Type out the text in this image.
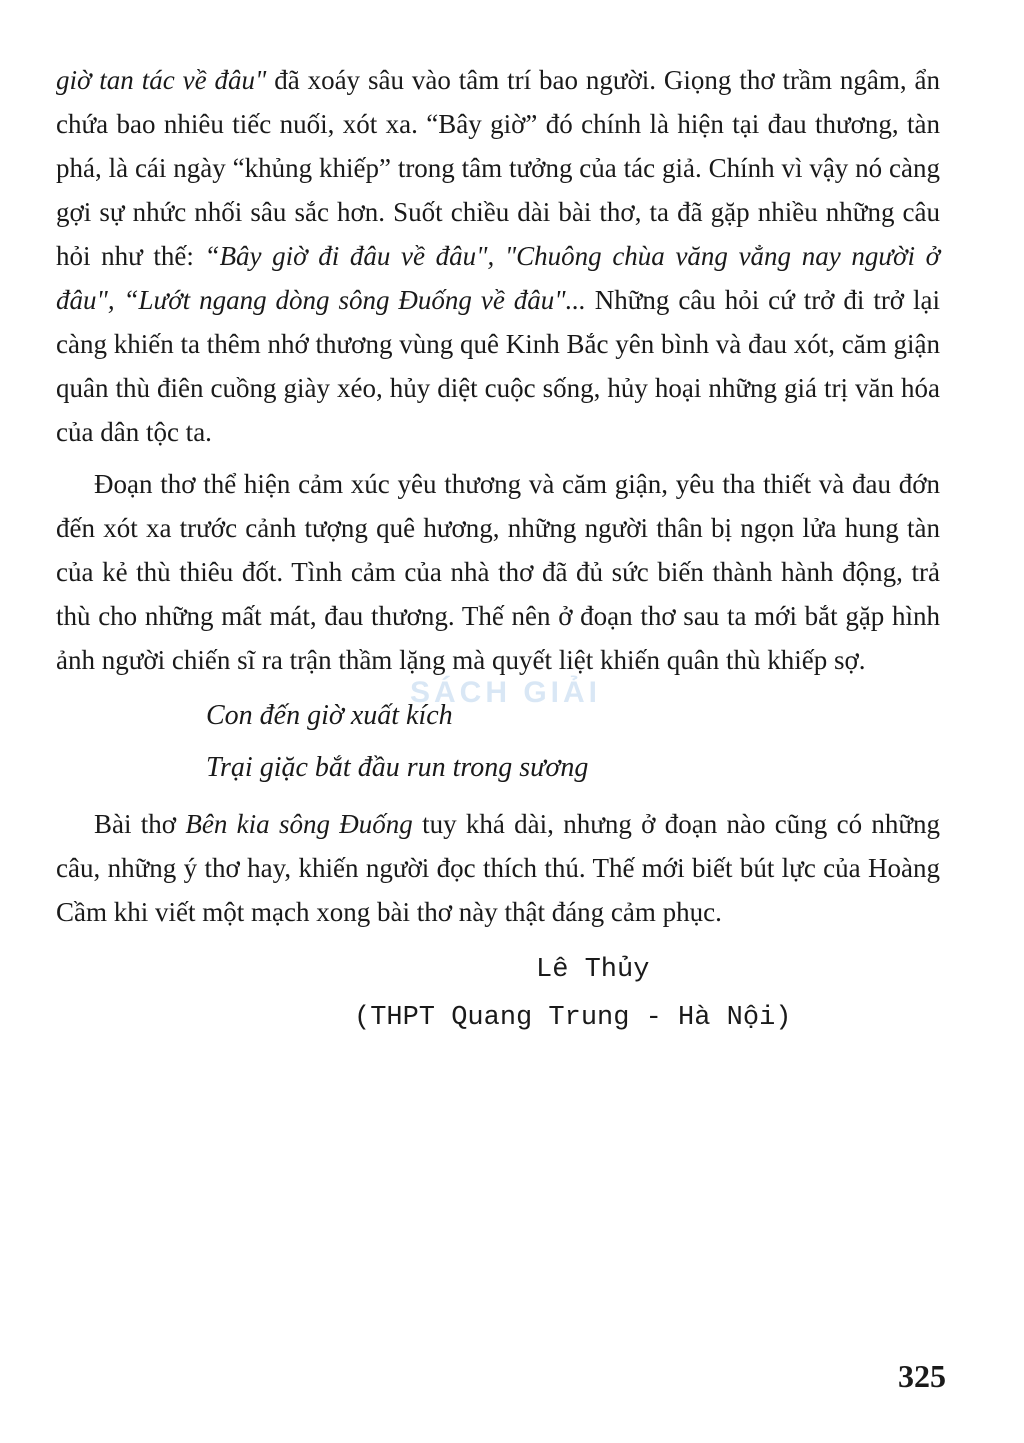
giờ tan tác về đâu" đã xoáy sâu vào tâm trí bao người. Giọng thơ trầm ngâm, ẩn chứa bao nhiêu tiếc nuối, xót xa. “Bây giờ” đó chính là hiện tại đau thương, tàn phá, là cái ngày “khủng khiếp” trong tâm tưởng của tác giả. Chính vì vậy nó càng gợi sự nhức nhối sâu sắc hơn. Suốt chiều dài bài thơ, ta đã gặp nhiều những câu hỏi như thế: “Bây giờ đi đâu về đâu", "Chuông chùa văng vẳng nay người ở đâu", “Lướt ngang dòng sông Đuống về đâu"... Những câu hỏi cứ trở đi trở lại càng khiến ta thêm nhớ thương vùng quê Kinh Bắc yên bình và đau xót, căm giận quân thù điên cuồng giày xéo, hủy diệt cuộc sống, hủy hoại những giá trị văn hóa của dân tộc ta.

Đoạn thơ thể hiện cảm xúc yêu thương và căm giận, yêu tha thiết và đau đớn đến xót xa trước cảnh tượng quê hương, những người thân bị ngọn lửa hung tàn của kẻ thù thiêu đốt. Tình cảm của nhà thơ đã đủ sức biến thành hành động, trả thù cho những mất mát, đau thương. Thế nên ở đoạn thơ sau ta mới bắt gặp hình ảnh người chiến sĩ ra trận thầm lặng mà quyết liệt khiến quân thù khiếp sợ.

Con đến giờ xuất kích
Trại giặc bắt đầu run trong sương

Bài thơ Bên kia sông Đuống tuy khá dài, nhưng ở đoạn nào cũng có những câu, những ý thơ hay, khiến người đọc thích thú. Thế mới biết bút lực của Hoàng Cầm khi viết một mạch xong bài thơ này thật đáng cảm phục.

Lê Thủy
(THPT Quang Trung - Hà Nội)
SÁCH GIẢI
325
